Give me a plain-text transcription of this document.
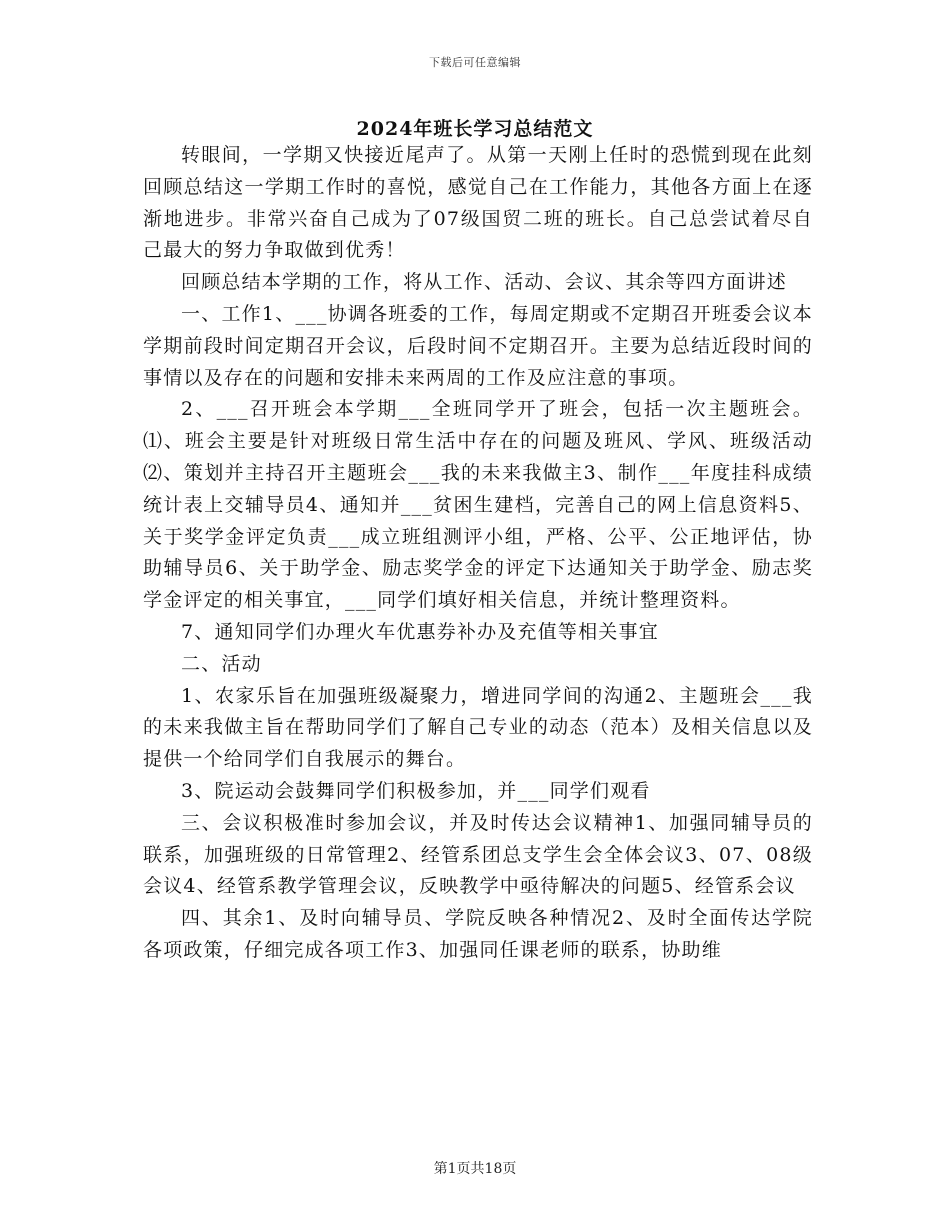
下载后可任意编辑
2024年班长学习总结范文

转眼间，一学期又快接近尾声了。从第一天刚上任时的恐慌到现在此刻回顾总结这一学期工作时的喜悦，感觉自己在工作能力，其他各方面上在逐渐地进步。非常兴奋自己成为了07级国贸二班的班长。自己总尝试着尽自己最大的努力争取做到优秀！

回顾总结本学期的工作，将从工作、活动、会议、其余等四方面讲述

一、工作1、___协调各班委的工作，每周定期或不定期召开班委会议本学期前段时间定期召开会议，后段时间不定期召开。主要为总结近段时间的事情以及存在的问题和安排未来两周的工作及应注意的事项。

2、___召开班会本学期___全班同学开了班会，包括一次主题班会。⑴、班会主要是针对班级日常生活中存在的问题及班风、学风、班级活动⑵、策划并主持召开主题班会___我的未来我做主3、制作___年度挂科成绩统计表上交辅导员4、通知并___贫困生建档，完善自己的网上信息资料5、关于奖学金评定负责___成立班组测评小组，严格、公平、公正地评估，协助辅导员6、关于助学金、励志奖学金的评定下达通知关于助学金、励志奖学金评定的相关事宜，___同学们填好相关信息，并统计整理资料。

7、通知同学们办理火车优惠券补办及充值等相关事宜

二、活动

1、农家乐旨在加强班级凝聚力，增进同学间的沟通2、主题班会___我的未来我做主旨在帮助同学们了解自己专业的动态（范本）及相关信息以及提供一个给同学们自我展示的舞台。

3、院运动会鼓舞同学们积极参加，并___同学们观看

三、会议积极准时参加会议，并及时传达会议精神1、加强同辅导员的联系，加强班级的日常管理2、经管系团总支学生会全体会议3、07、08级会议4、经管系教学管理会议，反映教学中亟待解决的问题5、经管系会议

四、其余1、及时向辅导员、学院反映各种情况2、及时全面传达学院各项政策，仔细完成各项工作3、加强同任课老师的联系，协助维

第1页共18页
